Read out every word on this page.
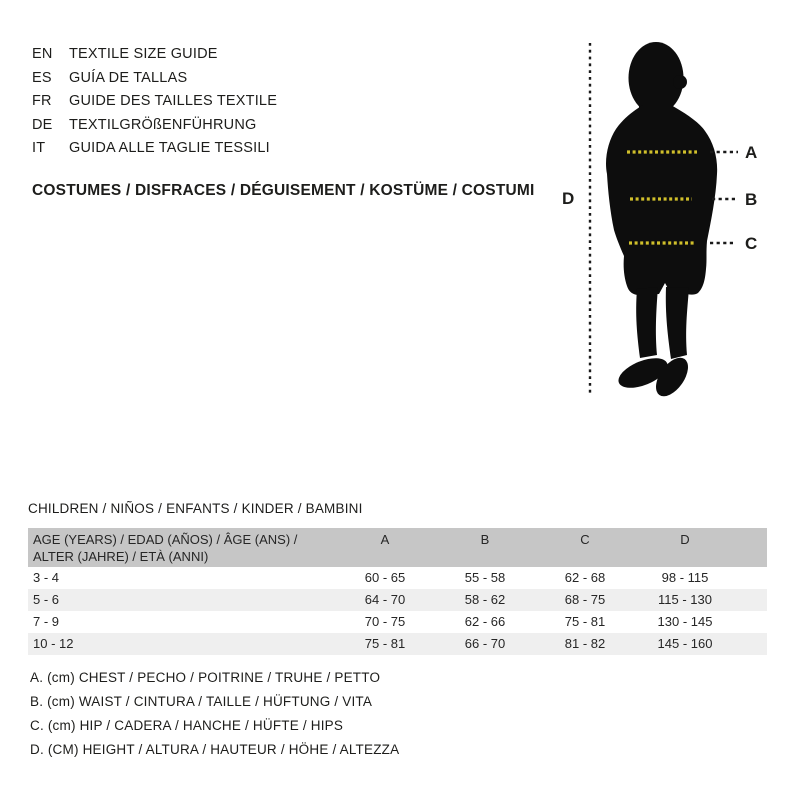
EN	TEXTILE SIZE GUIDE
ES	GUÍA DE TALLAS
FR	GUIDE DES TAILLES TEXTILE
DE	TEXTILGRÖßENFÜHRUNG
IT	GUIDA ALLE TAGLIE TESSILI
COSTUMES / DISFRACES / DÉGUISEMENT / KOSTÜME / COSTUMI
A
B
C
D
CHILDREN / NIÑOS / ENFANTS / KINDER / BAMBINI
AGE (YEARS) / EDAD (AÑOS) / ÂGE (ANS) /
ALTER (JAHRE) / ETÀ (ANNI)	A	B	C	D	
3 - 4	60 - 65	55 - 58	62 - 68	98 - 115	
5 - 6	64 - 70	58 - 62	68 - 75	115 - 130	
7 - 9	70 - 75	62 - 66	75 - 81	130 - 145	
10 - 12	75 - 81	66 - 70	81 - 82	145 - 160	
A. (cm) CHEST / PECHO / POITRINE / TRUHE / PETTO
B. (cm) WAIST / CINTURA / TAILLE / HÜFTUNG / VITA
C. (cm) HIP / CADERA / HANCHE / HÜFTE / HIPS
D. (CM) HEIGHT / ALTURA / HAUTEUR / HÖHE / ALTEZZA
